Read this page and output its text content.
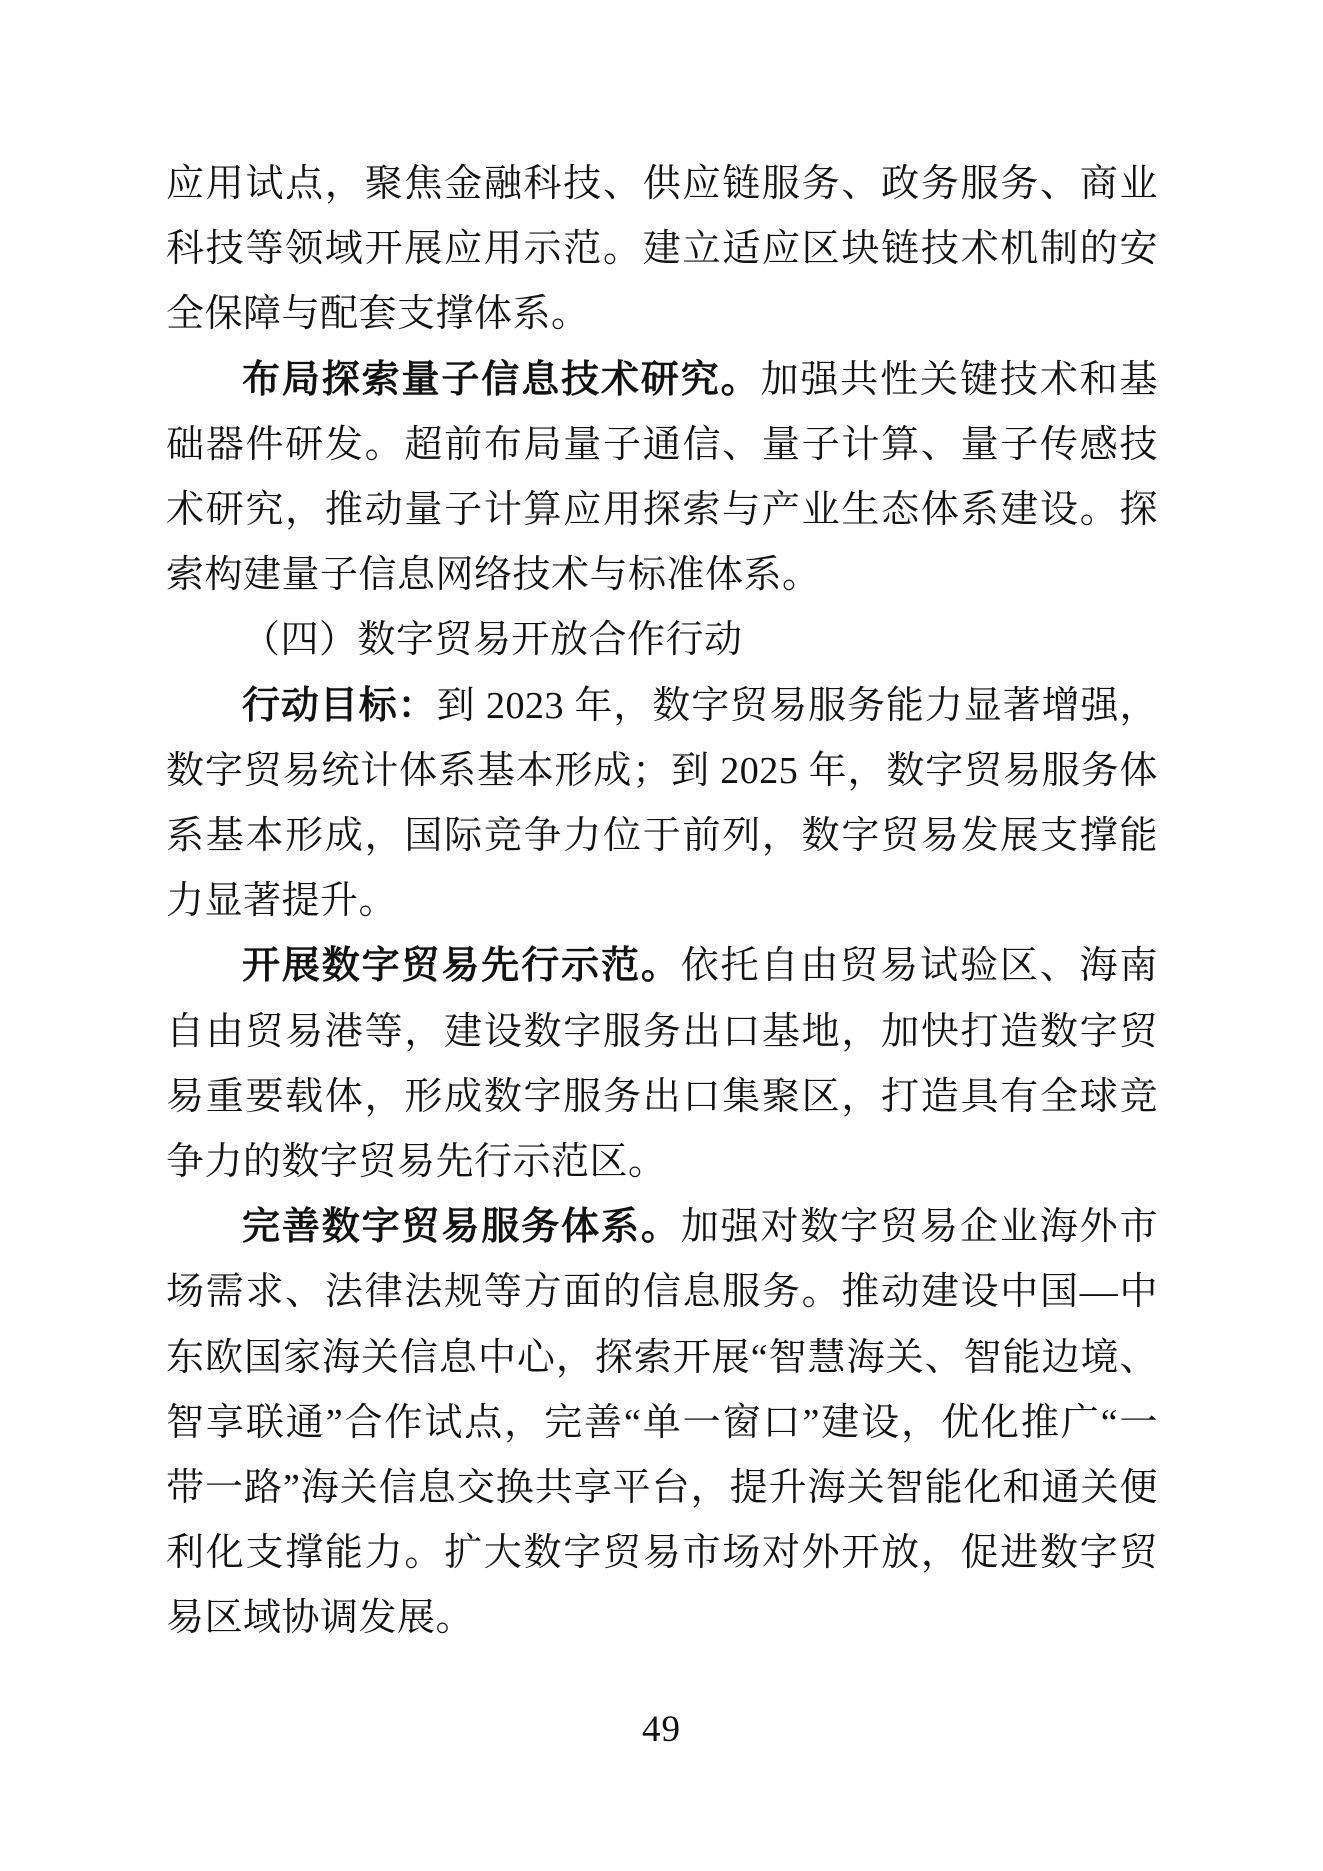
应用试点，聚焦金融科技、供应链服务、政务服务、商业科技等领域开展应用示范。建立适应区块链技术机制的安全保障与配套支撑体系。

布局探索量子信息技术研究。加强共性关键技术和基础器件研发。超前布局量子通信、量子计算、量子传感技术研究，推动量子计算应用探索与产业生态体系建设。探索构建量子信息网络技术与标准体系。

（四）数字贸易开放合作行动

行动目标：到 2023 年，数字贸易服务能力显著增强，数字贸易统计体系基本形成；到 2025 年，数字贸易服务体系基本形成，国际竞争力位于前列，数字贸易发展支撑能力显著提升。

开展数字贸易先行示范。依托自由贸易试验区、海南自由贸易港等，建设数字服务出口基地，加快打造数字贸易重要载体，形成数字服务出口集聚区，打造具有全球竞争力的数字贸易先行示范区。

完善数字贸易服务体系。加强对数字贸易企业海外市场需求、法律法规等方面的信息服务。推动建设中国—中东欧国家海关信息中心，探索开展“智慧海关、智能边境、智享联通”合作试点，完善“单一窗口”建设，优化推广“一带一路”海关信息交换共享平台，提升海关智能化和通关便利化支撑能力。扩大数字贸易市场对外开放，促进数字贸易区域协调发展。

49
